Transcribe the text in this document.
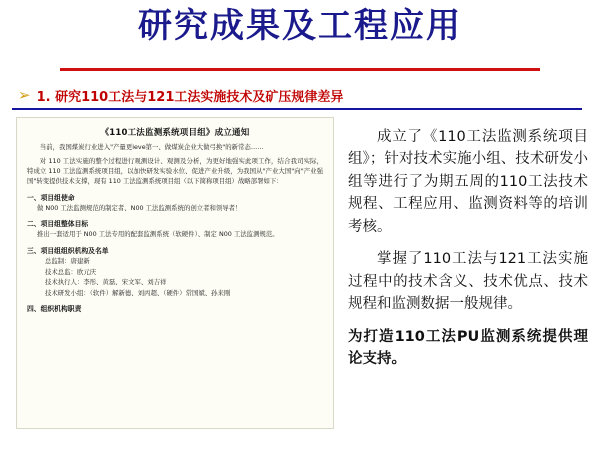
研究成果及工程应用
➢ 1. 研究110工法与121工法实施技术及矿压规律差异
《110工法监测系统项目组》成立通知

当前，我国煤炭行业进入"产量更ieve第一、做煤炭企业大做弓换"的新常态……

对 110 工法实施的整个过程进行观测设计、观测及分析，为更好地强实此项工作，结合我司实际，特成立 110 工法监测系统项目组，以加快研发实验水位、促进产业升级，为我国从"产业大国"向"产业强国"转变提供技术支撑，现有 110 工法监测系统项目组（以下简称项目组）战略部署如下：

一、项目组使命
做 N00 工法监测规范的制定者、N00 工法监测系统的创立者和领导者！
二、项目组整体目标
推出一套适用于 N00 工法专用的配套监测系统（软硬件）、制定 N00 工法监测规范。
三、项目组组织机构及名单
总监制：唐建新
技术总监：欧元庆
技术执行人：李彤、黄磊、宋文军、刘吉祥
技术研发小组：（软件）解新德、刘丙超、（硬件）常国斌、孙来刚
四、组织机构职责

成立了《110工法监测系统项目组》；针对技术实施小组、技术研发小组等进行了为期五周的110工法技术规程、工程应用、监测资料等的培训考核。

掌握了110工法与121工法实施过程中的技术含义、技术优点、技术规程和监测数据一般规律。

为打造110工法PU监测系统提供理论支持。
